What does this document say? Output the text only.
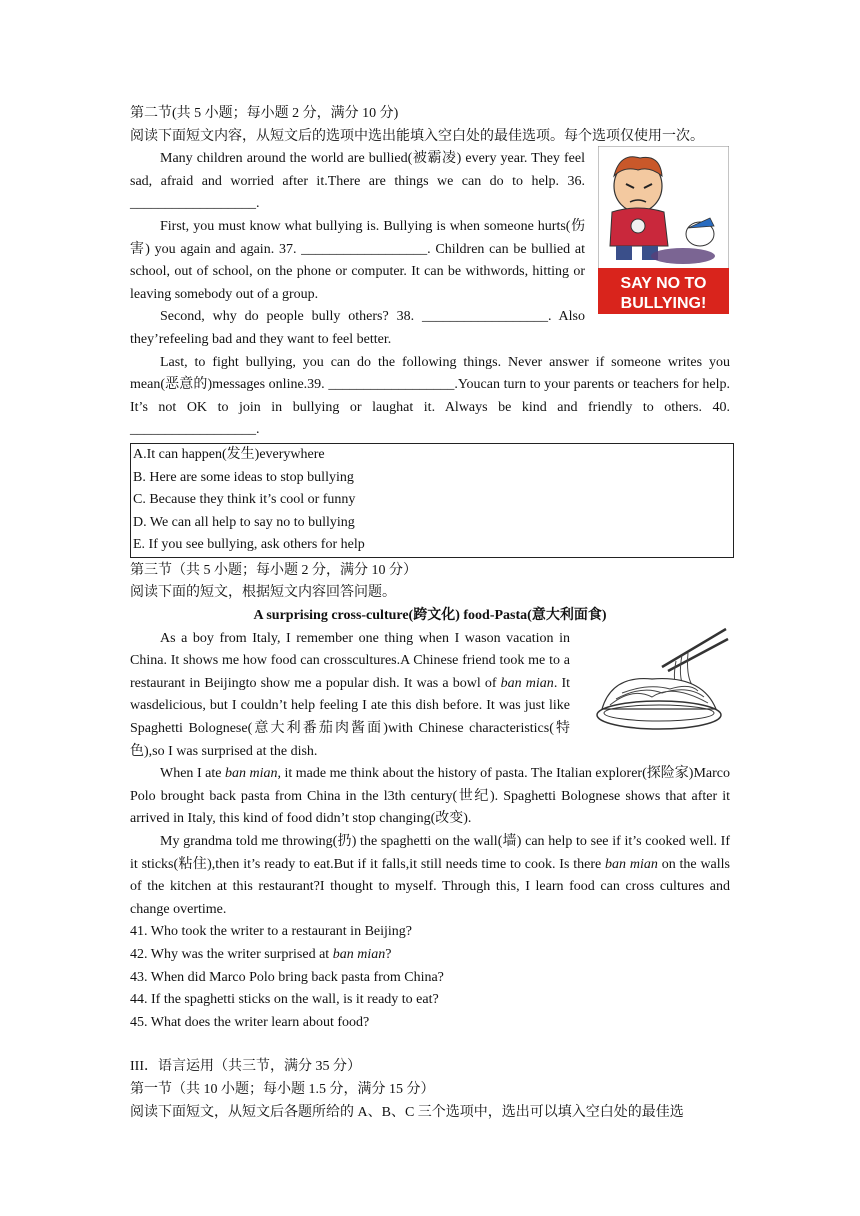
SAY NO TO
BULLYING!
第二节(共 5 小题；每小题 2 分，满分 10 分)
阅读下面短文内容，从短文后的选项中选出能填入空白处的最佳选项。每个选项仅使用一次。

Many children around the world are bullied(被霸凌) every year. They feel sad, afraid and worried after it.There are things we can do to help. 36. __________________.

First, you must know what bullying is. Bullying is when someone hurts(伤害) you again and again. 37. __________________. Children can be bullied at school, out of school, on the phone or computer. It can be withwords, hitting or leaving somebody out of a group.

Second, why do people bully others? 38. __________________. Also they’refeeling bad and they want to feel better.

Last, to fight bullying, you can do the following things. Never answer if someone writes you mean(恶意的)messages online.39. __________________.Youcan turn to your parents or teachers for help. It’s not OK to join in bullying or laughat it. Always be kind and friendly to others. 40. __________________.

A.It can happen(发生)everywhere
B. Here are some ideas to stop bullying
C. Because they think it’s cool or funny
D. We can all help to say no to bullying
E. If you see bullying, ask others for help
第三节（共 5 小题；每小题 2 分，满分 10 分）
阅读下面的短文，根据短文内容回答问题。
A surprising cross-culture(跨文化) food-Pasta(意大利面食)

As a boy from Italy, I remember one thing when I wason vacation in China. It shows me how food can crosscultures.A Chinese friend took me to a restaurant in Beijingto show me a popular dish. It was a bowl of ban mian. It wasdelicious, but I couldn’t help feeling I ate this dish before. It was just like Spaghetti Bolognese(意大利番茄肉酱面)with Chinese characteristics(特色),so I was surprised at the dish.

When I ate ban mian, it made me think about the history of pasta. The Italian explorer(探险家)Marco Polo brought back pasta from China in the l3th century(世纪). Spaghetti Bolognese shows that after it arrived in Italy, this kind of food didn’t stop changing(改变).

My grandma told me throwing(扔) the spaghetti on the wall(墙) can help to see if it’s cooked well. If it sticks(粘住),then it’s ready to eat.But if it falls,it still needs time to cook. Is there ban mian on the walls of the kitchen at this restaurant?I thought to myself. Through this, I learn food can cross cultures and change overtime.

41. Who took the writer to a restaurant in Beijing?
42. Why was the writer surprised at ban mian?
43. When did Marco Polo bring back pasta from China?
44. If the spaghetti sticks on the wall, is it ready to eat?
45. What does the writer learn about food?
III．语言运用（共三节，满分 35 分）
第一节（共 10 小题；每小题 1.5 分，满分 15 分）
阅读下面短文，从短文后各题所给的 A、B、C 三个选项中，选出可以填入空白处的最佳选
